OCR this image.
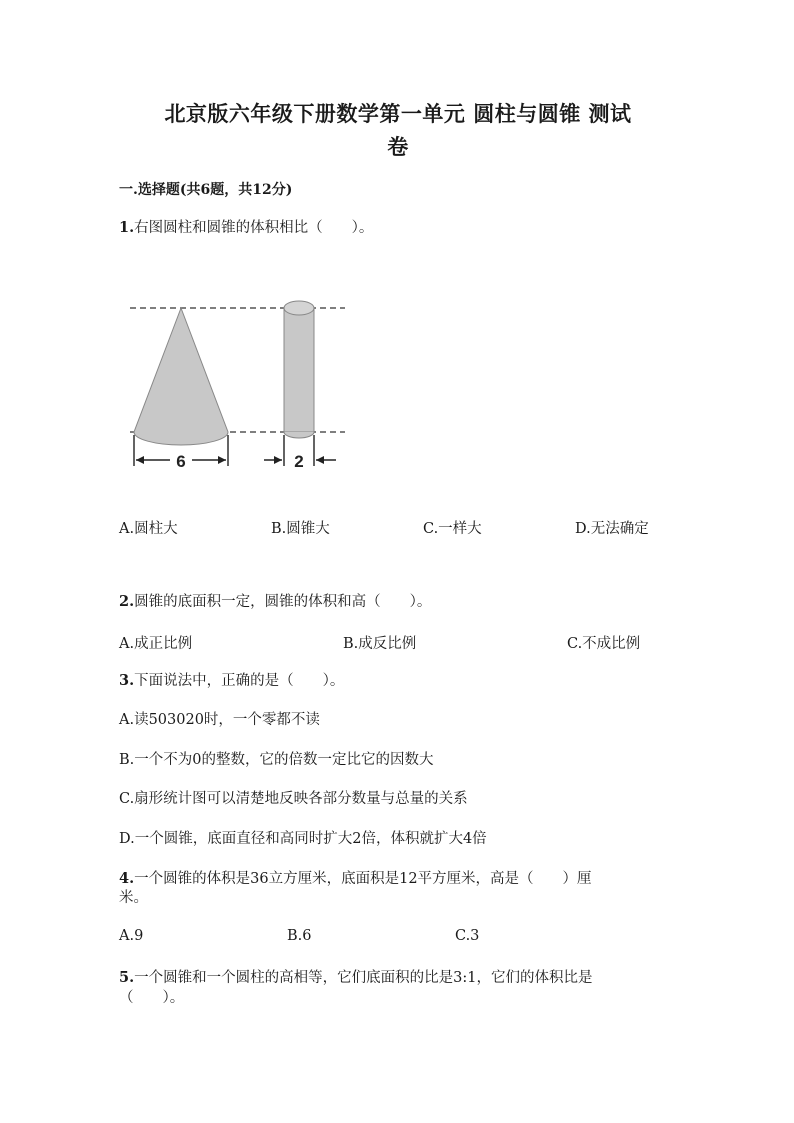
北京版六年级下册数学第一单元 圆柱与圆锥 测试
卷
一.选择题(共6题，共12分)
1.右图圆柱和圆锥的体积相比（　　）。
6	2
A.圆柱大	B.圆锥大	C.一样大	D.无法确定
2.圆锥的底面积一定，圆锥的体积和高（　　）。
A.成正比例	B.成反比例	C.不成比例
3.下面说法中，正确的是（　　）。
A.读503020时，一个零都不读
B.一个不为0的整数，它的倍数一定比它的因数大
C.扇形统计图可以清楚地反映各部分数量与总量的关系
D.一个圆锥，底面直径和高同时扩大2倍，体积就扩大4倍
4.一个圆锥的体积是36立方厘米，底面积是12平方厘米，高是（　　）厘
米。
A.9	B.6	C.3
5.一个圆锥和一个圆柱的高相等，它们底面积的比是3:1，它们的体积比是
（　　）。
